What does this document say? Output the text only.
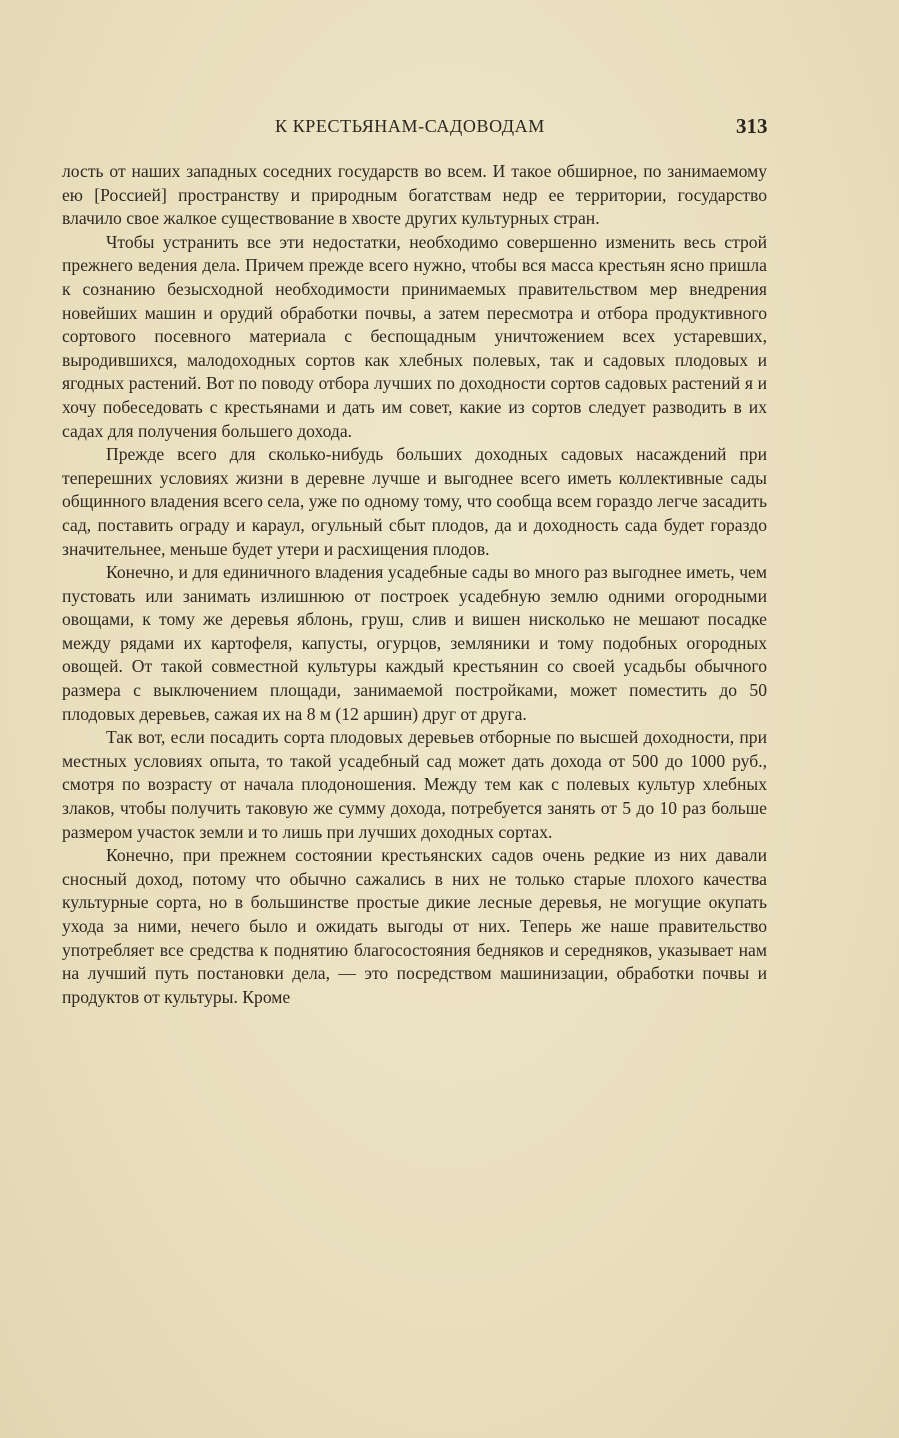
К КРЕСТЬЯНАМ-САДОВОДАМ	313

лость от наших западных соседних государств во всем. И такое обширное, по занимаемому ею [Россией] пространству и природным богатствам недр ее территории, государство влачило свое жалкое существование в хвосте других культурных стран.

Чтобы устранить все эти недостатки, необходимо совершенно изменить весь строй прежнего ведения дела. Причем прежде всего нужно, чтобы вся масса крестьян ясно пришла к сознанию безысходной необходимости принимаемых правительством мер внедрения новейших машин и орудий обработки почвы, а затем пересмотра и отбора продуктивного сортового посевного материала с беспощадным уничтожением всех устаревших, выродившихся, малодоходных сортов как хлебных полевых, так и садовых плодовых и ягодных растений. Вот по поводу отбора лучших по доходности сортов садовых растений я и хочу побеседовать с крестьянами и дать им совет, какие из сортов следует разводить в их садах для получения большего дохода.

Прежде всего для сколько-нибудь больших доходных садовых насаждений при теперешних условиях жизни в деревне лучше и выгоднее всего иметь коллективные сады общинного владения всего села, уже по одному тому, что сообща всем гораздо легче засадить сад, поставить ограду и караул, огульный сбыт плодов, да и доходность сада будет гораздо значительнее, меньше будет утери и расхищения плодов.

Конечно, и для единичного владения усадебные сады во много раз выгоднее иметь, чем пустовать или занимать излишнюю от построек усадебную землю одними огородными овощами, к тому же деревья яблонь, груш, слив и вишен нисколько не мешают посадке между рядами их картофеля, капусты, огурцов, земляники и тому подобных огородных овощей. От такой совместной культуры каждый крестьянин со своей усадьбы обычного размера с выключением площади, занимаемой постройками, может поместить до 50 плодовых деревьев, сажая их на 8 м (12 аршин) друг от друга.

Так вот, если посадить сорта плодовых деревьев отборные по высшей доходности, при местных условиях опыта, то такой усадебный сад может дать дохода от 500 до 1000 руб., смотря по возрасту от начала плодоношения. Между тем как с полевых культур хлебных злаков, чтобы получить таковую же сумму дохода, потребуется занять от 5 до 10 раз больше размером участок земли и то лишь при лучших доходных сортах.

Конечно, при прежнем состоянии крестьянских садов очень редкие из них давали сносный доход, потому что обычно сажались в них не только старые плохого качества культурные сорта, но в большинстве простые дикие лесные деревья, не могущие окупать ухода за ними, нечего было и ожидать выгоды от них. Теперь же наше правительство употребляет все средства к поднятию благосостояния бедняков и середняков, указывает нам на лучший путь постановки дела, — это посредством машинизации, обработки почвы и продуктов от культуры. Кроме
